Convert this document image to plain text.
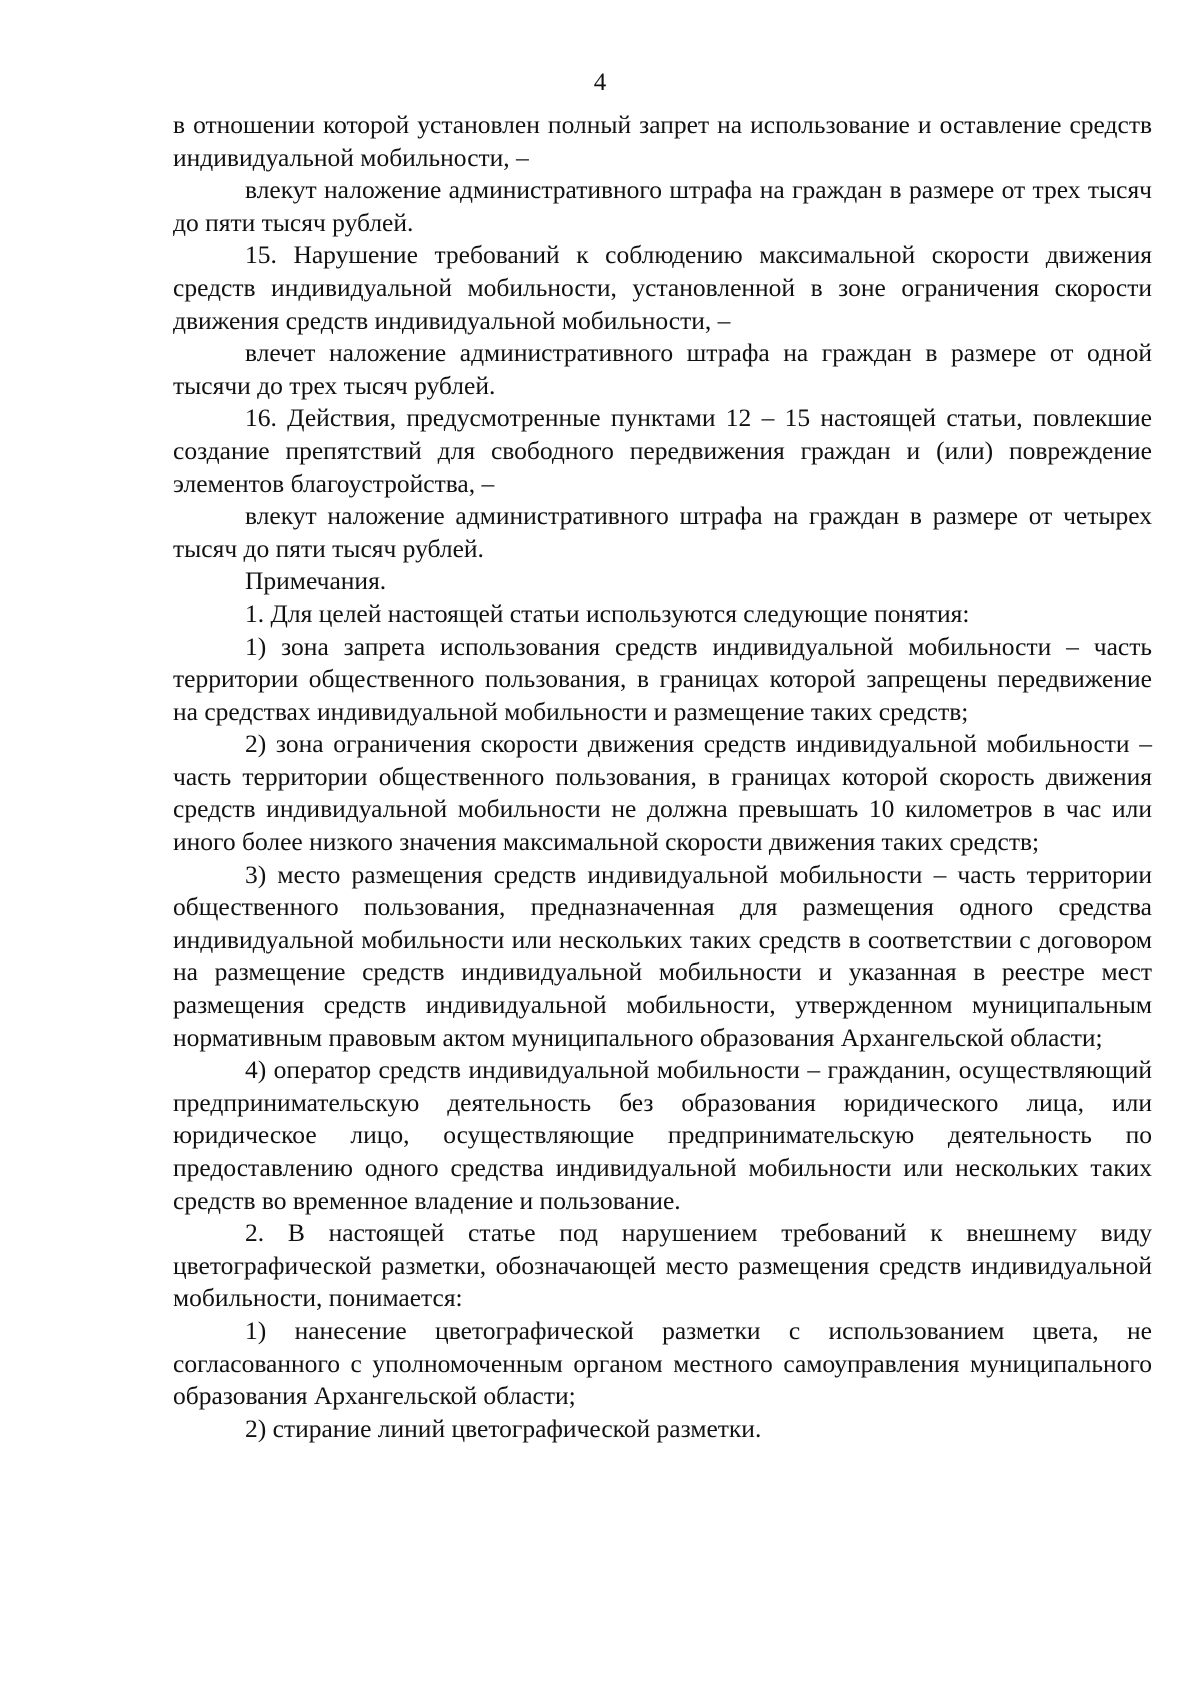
4

в отношении которой установлен полный запрет на использование и оставление средств индивидуальной мобильности, –

влекут наложение административного штрафа на граждан в размере от трех тысяч до пяти тысяч рублей.

15. Нарушение требований к соблюдению максимальной скорости движения средств индивидуальной мобильности, установленной в зоне ограничения скорости движения средств индивидуальной мобильности, –

влечет наложение административного штрафа на граждан в размере от одной тысячи до трех тысяч рублей.

16. Действия, предусмотренные пунктами 12 – 15 настоящей статьи, повлекшие создание препятствий для свободного передвижения граждан и (или) повреждение элементов благоустройства, –

влекут наложение административного штрафа на граждан в размере от четырех тысяч до пяти тысяч рублей.

Примечания.

1. Для целей настоящей статьи используются следующие понятия:

1) зона запрета использования средств индивидуальной мобильности – часть территории общественного пользования, в границах которой запрещены передвижение на средствах индивидуальной мобильности и размещение таких средств;

2) зона ограничения скорости движения средств индивидуальной мобильности – часть территории общественного пользования, в границах которой скорость движения средств индивидуальной мобильности не должна превышать 10 километров в час или иного более низкого значения максимальной скорости движения таких средств;

3) место размещения средств индивидуальной мобильности – часть территории общественного пользования, предназначенная для размещения одного средства индивидуальной мобильности или нескольких таких средств в соответствии с договором на размещение средств индивидуальной мобильности и указанная в реестре мест размещения средств индивидуальной мобильности, утвержденном муниципальным нормативным правовым актом муниципального образования Архангельской области;

4) оператор средств индивидуальной мобильности – гражданин, осуществляющий предпринимательскую деятельность без образования юридического лица, или юридическое лицо, осуществляющие предпринимательскую деятельность по предоставлению одного средства индивидуальной мобильности или нескольких таких средств во временное владение и пользование.

2. В настоящей статье под нарушением требований к внешнему виду цветографической разметки, обозначающей место размещения средств индивидуальной мобильности, понимается:

1) нанесение цветографической разметки с использованием цвета, не согласованного с уполномоченным органом местного самоуправления муниципального образования Архангельской области;

2) стирание линий цветографической разметки.
